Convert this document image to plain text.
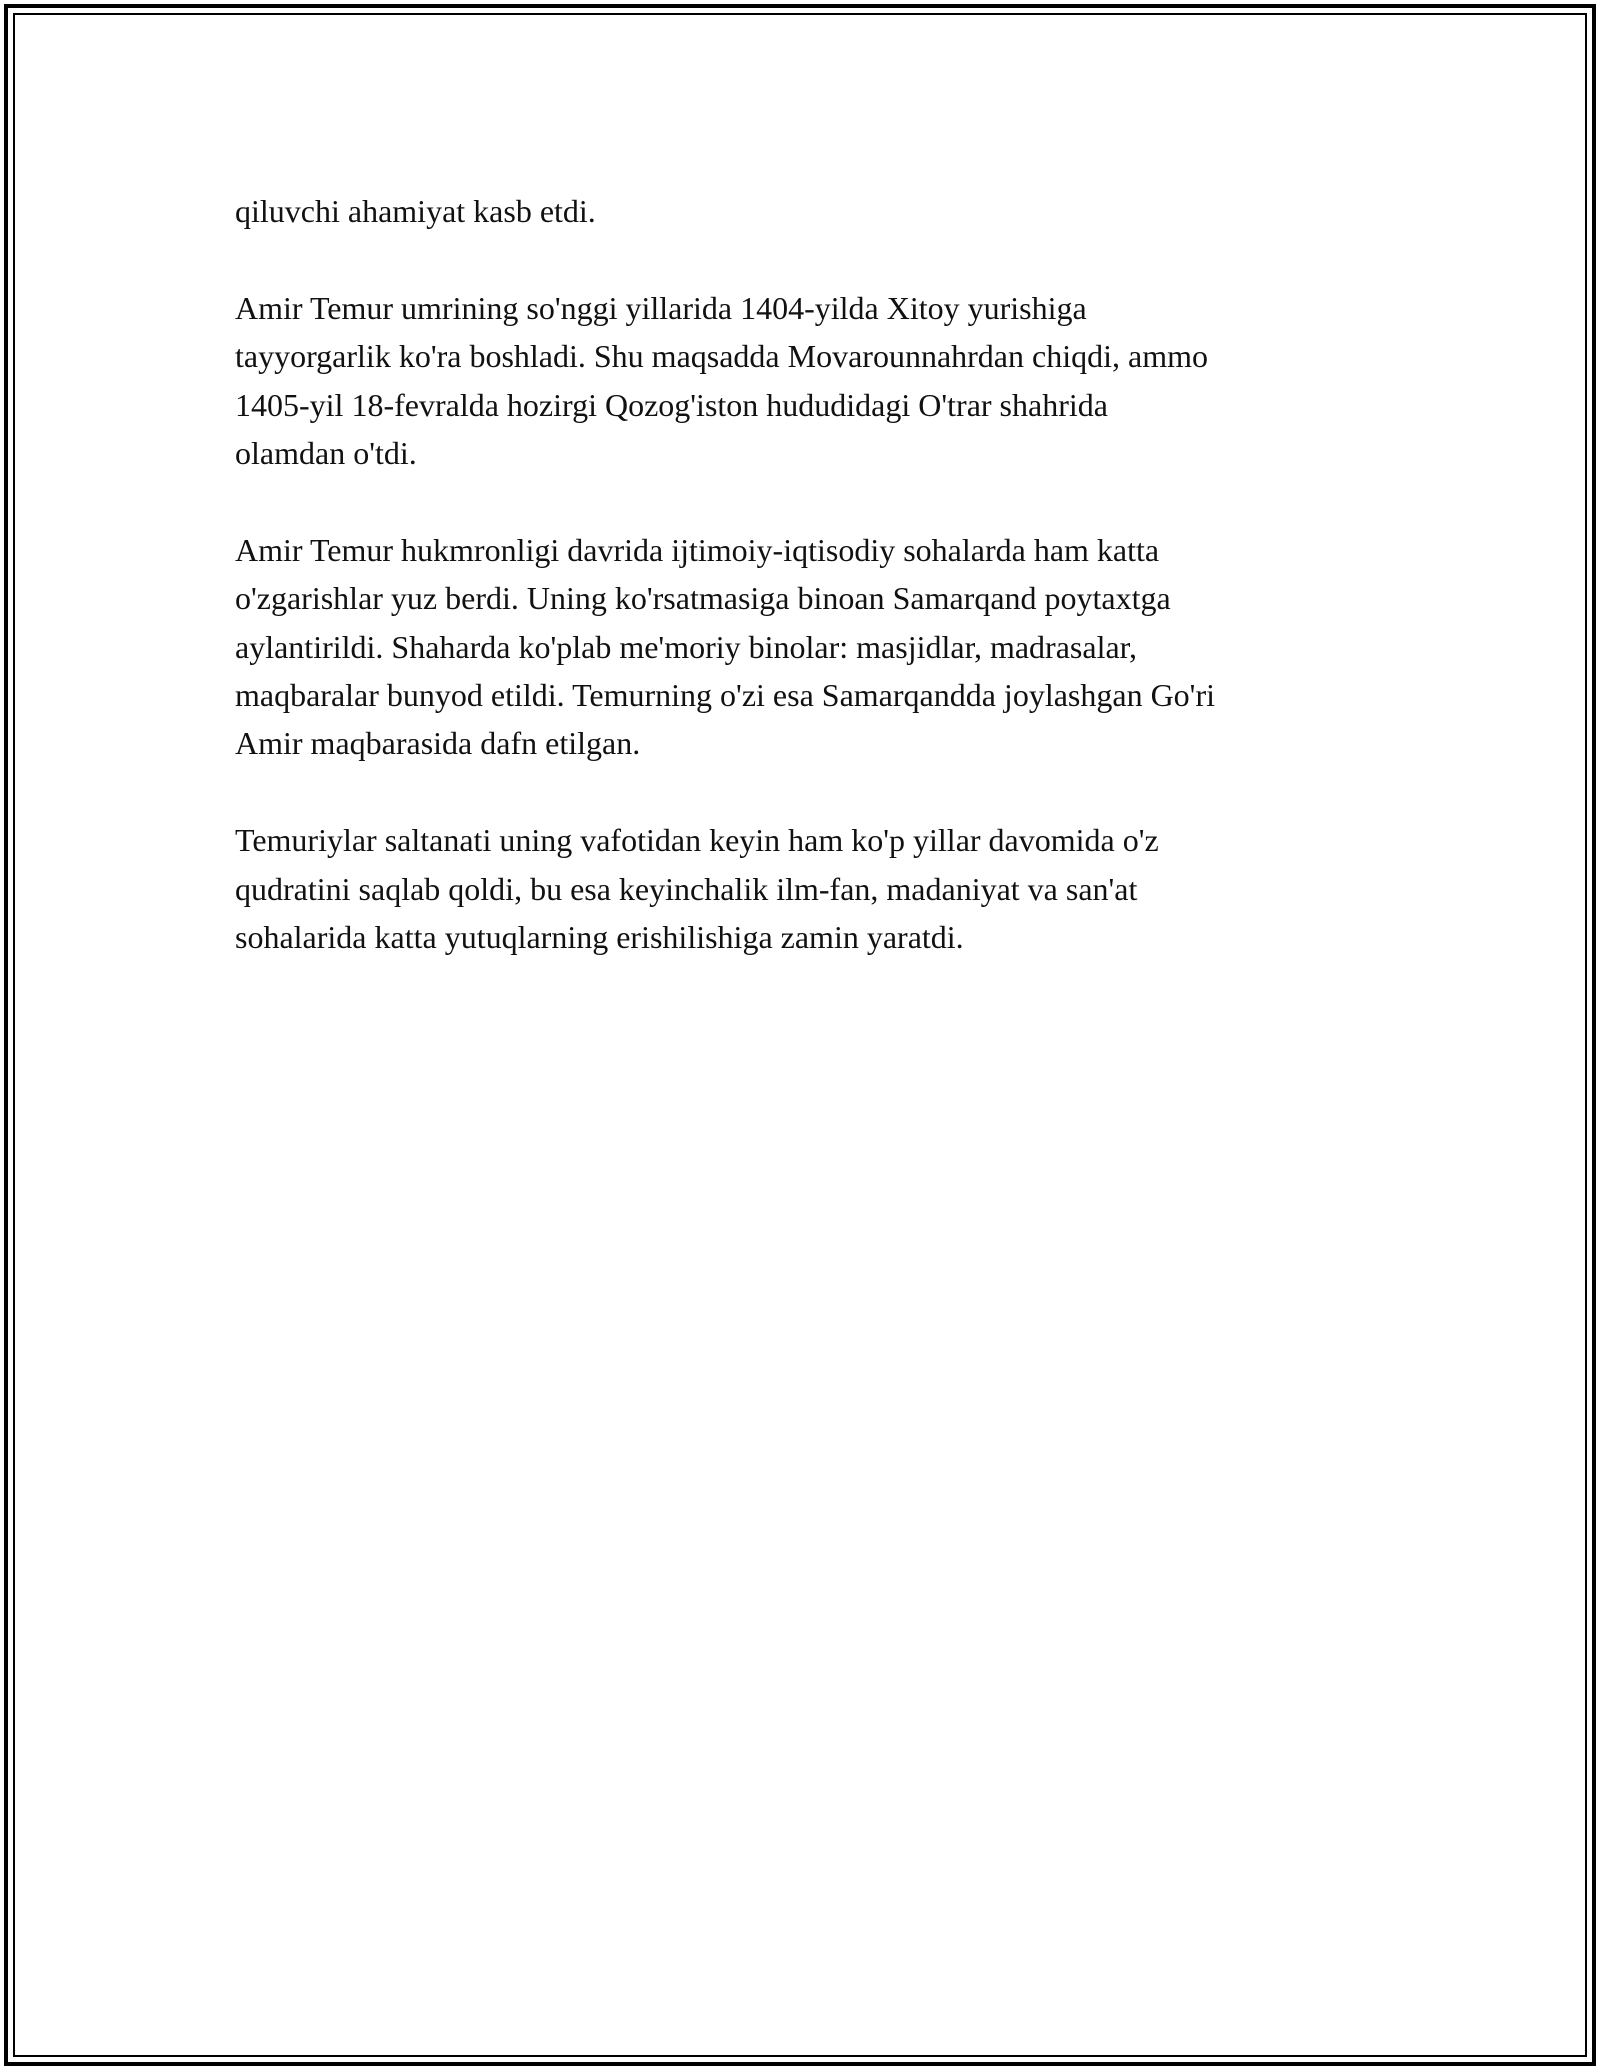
qiluvchi ahamiyat kasb etdi.

Amir Temur umrining so'nggi yillarida 1404-yilda Xitoy yurishiga
tayyorgarlik ko'ra boshladi. Shu maqsadda Movarounnahrdan chiqdi, ammo
1405-yil 18-fevralda hozirgi Qozog'iston hududidagi O'trar shahrida
olamdan o'tdi.

Amir Temur hukmronligi davrida ijtimoiy-iqtisodiy sohalarda ham katta
o'zgarishlar yuz berdi. Uning ko'rsatmasiga binoan Samarqand poytaxtga
aylantirildi. Shaharda ko'plab me'moriy binolar: masjidlar, madrasalar,
maqbaralar bunyod etildi. Temurning o'zi esa Samarqandda joylashgan Go'ri
Amir maqbarasida dafn etilgan.

Temuriylar saltanati uning vafotidan keyin ham ko'p yillar davomida o'z
qudratini saqlab qoldi, bu esa keyinchalik ilm-fan, madaniyat va san'at
sohalarida katta yutuqlarning erishilishiga zamin yaratdi.
